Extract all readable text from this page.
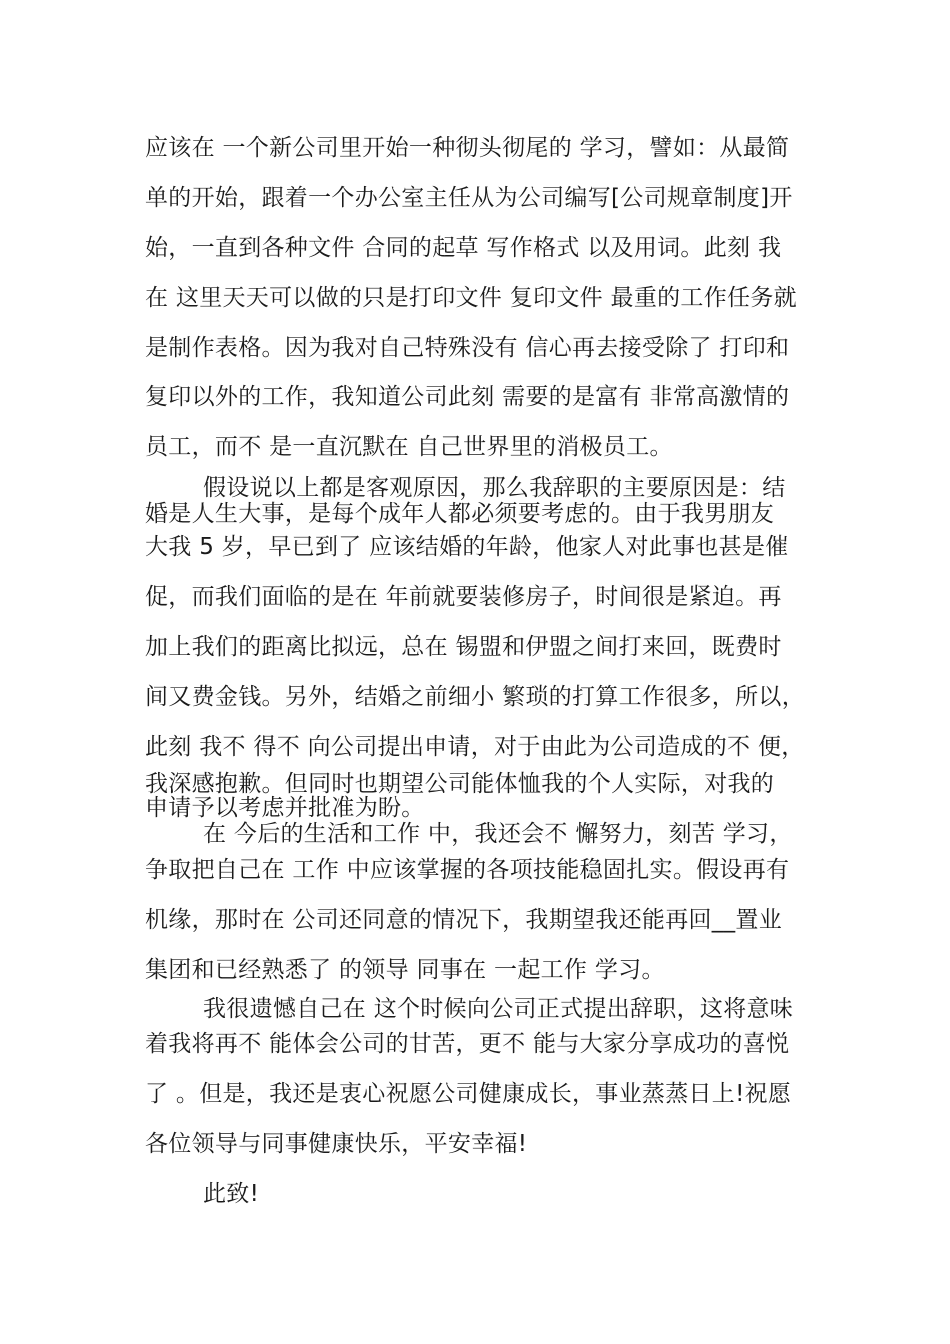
应该在 一个新公司里开始一种彻头彻尾的 学习，譬如：从最简
单的开始，跟着一个办公室主任从为公司编写[公司规章制度]开
始，一直到各种文件 合同的起草 写作格式 以及用词。此刻 我
在 这里天天可以做的只是打印文件 复印文件 最重的工作任务就
是制作表格。因为我对自己特殊没有 信心再去接受除了 打印和
复印以外的工作，我知道公司此刻 需要的是富有 非常高激情的
员工，而不 是一直沉默在 自己世界里的消极员工。
假设说以上都是客观原因，那么我辞职的主要原因是：结
婚是人生大事，是每个成年人都必须要考虑的。由于我男朋友
大我 5 岁，早已到了 应该结婚的年龄，他家人对此事也甚是催
促，而我们面临的是在 年前就要装修房子，时间很是紧迫。再
加上我们的距离比拟远，总在 锡盟和伊盟之间打来回，既费时
间又费金钱。另外，结婚之前细小 繁琐的打算工作很多，所以，
此刻 我不 得不 向公司提出申请，对于由此为公司造成的不 便，
我深感抱歉。但同时也期望公司能体恤我的个人实际，对我的
申请予以考虑并批准为盼。
在 今后的生活和工作 中，我还会不 懈努力，刻苦 学习，
争取把自己在 工作 中应该掌握的各项技能稳固扎实。假设再有
机缘，那时在 公司还同意的情况下，我期望我还能再回__置业
集团和已经熟悉了 的领导 同事在 一起工作 学习。
我很遗憾自己在 这个时候向公司正式提出辞职，这将意味
着我将再不 能体会公司的甘苦，更不 能与大家分享成功的喜悦
了 。但是，我还是衷心祝愿公司健康成长，事业蒸蒸日上!祝愿
各位领导与同事健康快乐，平安幸福!
此致!
